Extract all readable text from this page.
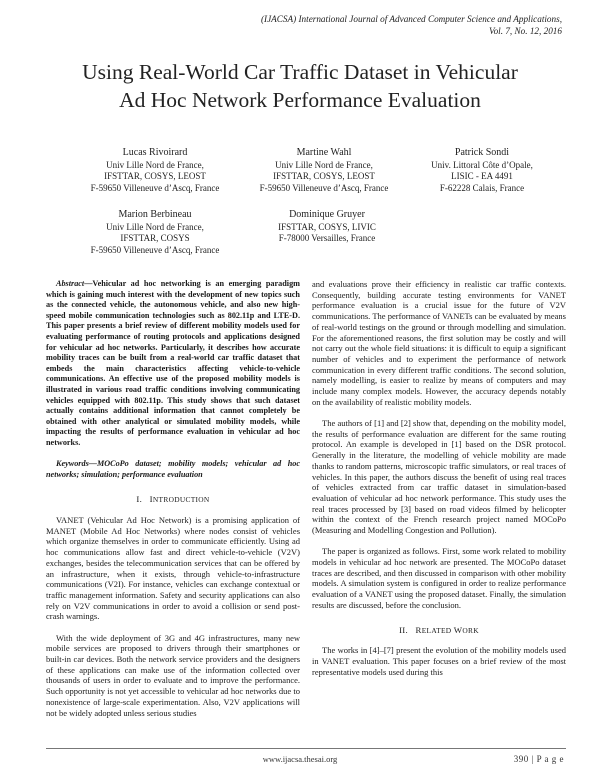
(IJACSA) International Journal of Advanced Computer Science and Applications,
Vol. 7, No. 12, 2016
Using Real-World Car Traffic Dataset in Vehicular
Ad Hoc Network Performance Evaluation
Lucas Rivoirard
Univ Lille Nord de France,
IFSTTAR, COSYS, LEOST
F-59650 Villeneuve d’Ascq, France
Martine Wahl
Univ Lille Nord de France,
IFSTTAR, COSYS, LEOST
F-59650 Villeneuve d’Ascq, France
Patrick Sondi
Univ. Littoral Côte d’Opale,
LISIC - EA 4491
F-62228 Calais, France
Marion Berbineau
Univ Lille Nord de France,
IFSTTAR, COSYS
F-59650 Villeneuve d’Ascq, France
Dominique Gruyer
IFSTTAR, COSYS, LIVIC
F-78000 Versailles, France

Abstract—Vehicular ad hoc networking is an emerging paradigm which is gaining much interest with the development of new topics such as the connected vehicle, the autonomous vehicle, and also new high-speed mobile communication technologies such as 802.11p and LTE-D. This paper presents a brief review of different mobility models used for evaluating performance of routing protocols and applications designed for vehicular ad hoc networks. Particularly, it describes how accurate mobility traces can be built from a real-world car traffic dataset that embeds the main characteristics affecting vehicle-to-vehicle communications. An effective use of the proposed mobility models is illustrated in various road traffic conditions involving communicating vehicles equipped with 802.11p. This study shows that such dataset actually contains additional information that cannot completely be obtained with other analytical or simulated mobility models, while impacting the results of performance evaluation in vehicular ad hoc networks.

Keywords—MOCoPo dataset; mobility models; vehicular ad hoc networks; simulation; performance evaluation

I. INTRODUCTION

VANET (Vehicular Ad Hoc Network) is a promising application of MANET (Mobile Ad Hoc Networks) where nodes consist of vehicles which organize themselves in order to communicate efficiently. Using ad hoc communications allow fast and direct vehicle-to-vehicle (V2V) exchanges, besides the telecommunication services that can be offered by an infrastructure, when it exists, through vehicle-to-infrastructure communications (V2I). For instance, vehicles can exchange contextual or traffic management information. Safety and security applications can also rely on V2V communications in order to avoid a collision or send post-crash warnings.

With the wide deployment of 3G and 4G infrastructures, many new mobile services are proposed to drivers through their smartphones or built-in car devices. Both the network service providers and the designers of these applications can make use of the information collected over thousands of users in order to evaluate and to improve the performance. Such opportunity is not yet accessible to vehicular ad hoc networks due to nonexistence of large-scale experimentation. Also, V2V applications will not be widely adopted unless serious studies

and evaluations prove their efficiency in realistic car traffic contexts. Consequently, building accurate testing environments for VANET performance evaluation is a crucial issue for the future of V2V communications. The performance of VANETs can be evaluated by means of real-world testings on the ground or through modelling and simulation. For the aforementioned reasons, the first solution may be costly and will not carry out the whole field situations: it is difficult to equip a significant number of vehicles and to experiment the performance of network communication in every different traffic conditions. The second solution, namely modelling, is easier to realize by means of computers and may include many complex models. However, the accuracy depends notably on the availability of realistic mobility models.

The authors of [1] and [2] show that, depending on the mobility model, the results of performance evaluation are different for the same routing protocol. An example is developed in [1] based on the DSR protocol. Generally in the literature, the modelling of vehicle mobility are made thanks to random patterns, microscopic traffic simulators, or real traces of vehicles. In this paper, the authors discuss the benefit of using real traces of vehicles extracted from car traffic dataset in simulation-based evaluation of vehicular ad hoc network performance. This study uses the real traces processed by [3] based on road videos filmed by helicopter within the context of the French research project named MOCoPo (Measuring and Modelling Congestion and Pollution).

The paper is organized as follows. First, some work related to mobility models in vehicular ad hoc network are presented. The MOCoPo dataset traces are described, and then discussed in comparison with other mobility models. A simulation system is configured in order to realize performance evaluation of a VANET using the proposed dataset. Finally, the simulation results are discussed, before the conclusion.

II. RELATED WORK

The works in [4]–[7] present the evolution of the mobility models used in VANET evaluation. This paper focuses on a brief review of the most representative models used during this

www.ijacsa.thesai.org	390 | P a g e
